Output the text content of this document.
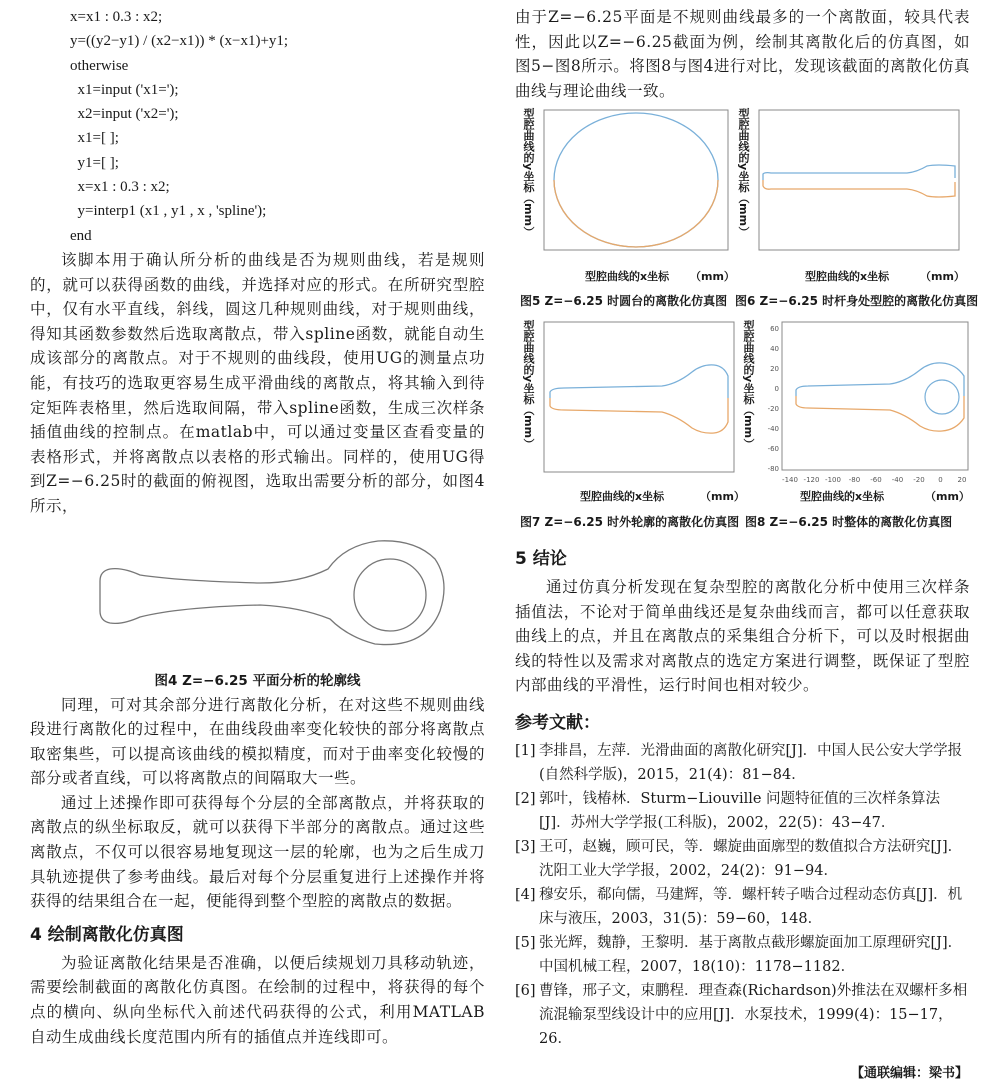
x=x1 : 0.3 : x2;
y=((y2−y1) / (x2−x1)) * (x−x1)+y1;
otherwise
x1=input ('x1=');
x2=input ('x2=');
x1=[ ];
y1=[ ];
x=x1 : 0.3 : x2;
y=interp1 (x1 , y1 , x , 'spline');
end

该脚本用于确认所分析的曲线是否为规则曲线，若是规则的，就可以获得函数的曲线，并选择对应的形式。在所研究型腔中，仅有水平直线，斜线，圆这几种规则曲线，对于规则曲线，得知其函数参数然后选取离散点，带入spline函数，就能自动生成该部分的离散点。对于不规则的曲线段，使用UG的测量点功能，有技巧的选取更容易生成平滑曲线的离散点，将其输入到待定矩阵表格里，然后选取间隔，带入spline函数，生成三次样条插值曲线的控制点。在matlab中，可以通过变量区查看变量的表格形式，并将离散点以表格的形式输出。同样的，使用UG得到Z=−6.25时的截面的俯视图，选取出需要分析的部分，如图4所示，

图4 Z=−6.25 平面分析的轮廓线

同理，可对其余部分进行离散化分析，在对这些不规则曲线段进行离散化的过程中，在曲线段曲率变化较快的部分将离散点取密集些，可以提高该曲线的模拟精度，而对于曲率变化较慢的部分或者直线，可以将离散点的间隔取大一些。

通过上述操作即可获得每个分层的全部离散点，并将获取的离散点的纵坐标取反，就可以获得下半部分的离散点。通过这些离散点，不仅可以很容易地复现这一层的轮廓，也为之后生成刀具轨迹提供了参考曲线。最后对每个分层重复进行上述操作并将获得的结果组合在一起，便能得到整个型腔的离散点的数据。

4 绘制离散化仿真图

为验证离散化结果是否准确，以便后续规划刀具移动轨迹，需要绘制截面的离散化仿真图。在绘制的过程中，将获得的每个点的横向、纵向坐标代入前述代码获得的公式，利用MATLAB自动生成曲线长度范围内所有的插值点并连线即可。

由于Z=−6.25平面是不规则曲线最多的一个离散面，较具代表性，因此以Z=−6.25截面为例，绘制其离散化后的仿真图，如图5−图8所示。将图8与图4进行对比，发现该截面的离散化仿真曲线与理论曲线一致。

型腔曲线的y坐标（mm）
型腔曲线的x坐标 （mm）
型腔曲线的y坐标（mm）
型腔曲线的x坐标	（mm）
图5 Z=−6.25 时圆台的离散化仿真图 图6 Z=−6.25 时杆身处型腔的离散化仿真图
型腔曲线的y坐标（mm）
型腔曲线的x坐标	（mm）
型腔曲线的y坐标（mm） 60
40
20
0
-20
-40
-60
-80
-140 -120 -100 -80 -60 -40 -20 0 20
型腔曲线的x坐标	（mm）
图7 Z=−6.25 时外轮廓的离散化仿真图 图8 Z=−6.25 时整体的离散化仿真图
5 结论

通过仿真分析发现在复杂型腔的离散化分析中使用三次样条插值法，不论对于简单曲线还是复杂曲线而言，都可以任意获取曲线上的点，并且在离散点的采集组合分析下，可以及时根据曲线的特性以及需求对离散点的选定方案进行调整，既保证了型腔内部曲线的平滑性，运行时间也相对较少。

参考文献：
[1] 李排昌，左萍．光滑曲面的离散化研究[J]．中国人民公安大学学报(自然科学版)，2015，21(4)：81−84．
[2] 郭叶，钱椿林．Sturm−Liouville 问题特征值的三次样条算法[J]．苏州大学学报(工科版)，2002，22(5)：43−47．
[3] 王可，赵巍，顾可民，等．螺旋曲面廓型的数值拟合方法研究[J]．沈阳工业大学学报，2002，24(2)：91−94．
[4] 穆安乐，郗向儒，马建辉，等．螺杆转子啮合过程动态仿真[J]．机床与液压，2003，31(5)：59−60，148．
[5] 张光辉，魏静，王黎明．基于离散点截形螺旋面加工原理研究[J]．中国机械工程，2007，18(10)：1178−1182．
[6] 曹锋，邢子文，束鹏程．理查森(Richardson)外推法在双螺杆多相流混输泵型线设计中的应用[J]．水泵技术，1999(4)：15−17，26．
【通联编辑：梁书】
